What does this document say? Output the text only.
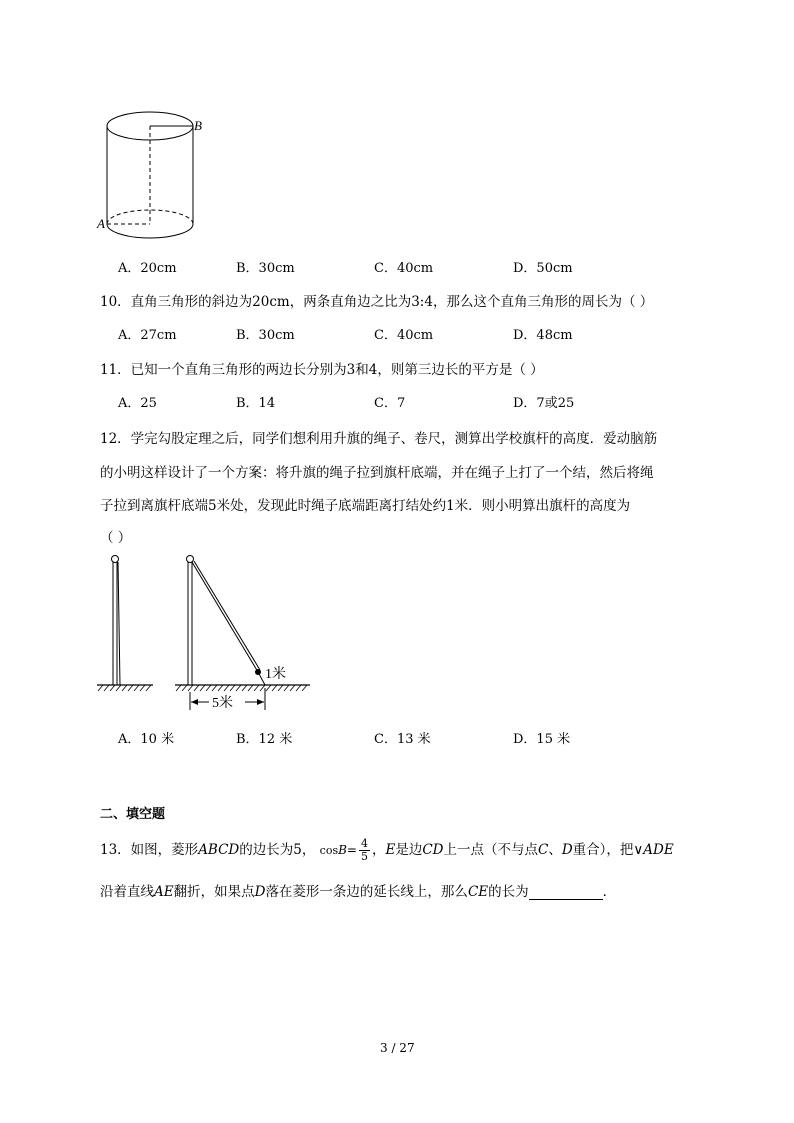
B
A
A．20cm	B．30cm	C．40cm	D．50cm
10．直角三角形的斜边为20cm，两条直角边之比为3:4，那么这个直角三角形的周长为（ ）
A．27cm	B．30cm	C．40cm	D．48cm
11．已知一个直角三角形的两边长分别为3和4，则第三边长的平方是（ ）
A．25	B．14	C．7	D．7或25
12．学完勾股定理之后，同学们想利用升旗的绳子、卷尺，测算出学校旗杆的高度．爱动脑筋
的小明这样设计了一个方案：将升旗的绳子拉到旗杆底端，并在绳子上打了一个结，然后将绳
子拉到离旗杆底端5米处，发现此时绳子底端距离打结处约1米．则小明算出旗杆的高度为
（ ）
5米
1米
A．10 米	B．12 米	C．13 米	D．15 米
二、填空题
13．如图，菱形ABCD的边长为5， $\cos B= \frac{4}{5}$ ，E是边CD上一点（不与点C、D重合），把∨ADE
沿着直线AE翻折，如果点D落在菱形一条边的延长线上，那么CE的长为	．
3 / 27
